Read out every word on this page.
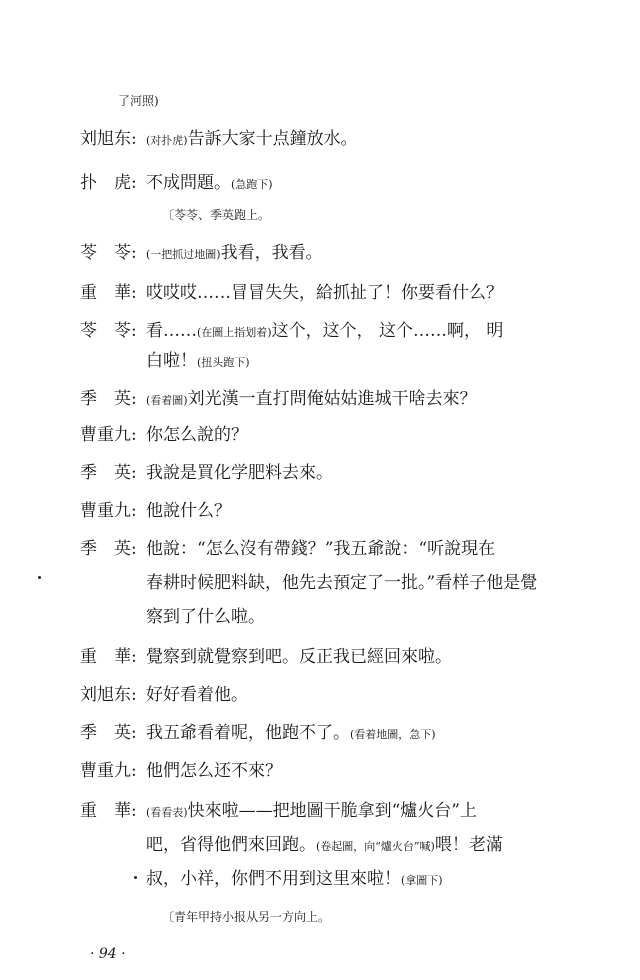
了河照)
刘旭东: (对扑虎)告訴大家十点鐘放水。
扑　虎: 不成問題。(急跑下)
〔苓苓、季英跑上。
苓　苓: (一把抓过地圖)我看，我看。
重　華: 哎哎哎……冒冒失失，給抓扯了！你要看什么？
苓　苓: 看……(在圖上指划着)这个，这个， 这个……啊， 明
白啦！(扭头跑下)
季　英: (看着圖)刘光漢一直打問俺姑姑進城干啥去來？
曹重九: 你怎么說的？
季　英: 我說是買化学肥料去來。
曹重九: 他說什么？
季　英: 他說：“怎么沒有帶錢？”我五爺說：“听說現在
春耕时候肥料缺，他先去預定了一批。”看样子他是覺
察到了什么啦。
重　華: 覺察到就覺察到吧。反正我已經回來啦。
刘旭东: 好好看着他。
季　英: 我五爺看着呢，他跑不了。(看着地圖，急下)
曹重九: 他們怎么还不來？
重　華: (看看表)快來啦——把地圖干脆拿到“爐火台”上
吧，省得他們來回跑。(卷起圖，向“爐火台”喊)喂！老滿
叔，小祥，你們不用到这里來啦！(拿圖下)
〔青年甲持小报从另一方向上。
· 94 ·
